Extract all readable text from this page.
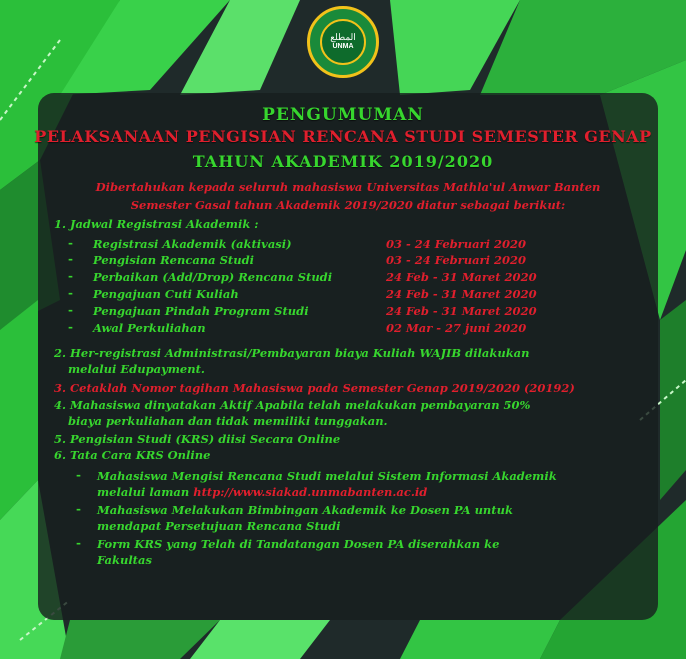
ﺍﻟﻤﻄﻠﻊ
UNMA
PENGUMUMAN
PELAKSANAAN PENGISIAN RENCANA STUDI SEMESTER GENAP
TAHUN AKADEMIK 2019/2020
Dibertahukan kepada seluruh mahasiswa Universitas Mathla'ul Anwar Banten
Semester Gasal tahun Akademik 2019/2020 diatur sebagai berikut:
1. Jadwal Registrasi Akademik :
- Registrasi Akademik (aktivasi)	03 - 24 Februari 2020
- Pengisian Rencana Studi	03 - 24 Februari 2020
- Perbaikan (Add/Drop) Rencana Studi	24 Feb - 31 Maret 2020
- Pengajuan Cuti Kuliah	24 Feb - 31 Maret 2020
- Pengajuan Pindah Program Studi	24 Feb - 31 Maret 2020
- Awal Perkuliahan	02 Mar - 27 juni 2020
2. Her-registrasi Administrasi/Pembayaran biaya Kuliah WAJIB dilakukan
melalui Edupayment.
3. Cetaklah Nomor tagihan Mahasiswa pada Semester Genap 2019/2020 (20192)
4. Mahasiswa dinyatakan Aktif Apabila telah melakukan pembayaran 50%
biaya perkuliahan dan tidak memiliki tunggakan.
5. Pengisian Studi (KRS) diisi Secara Online
6. Tata Cara KRS Online
- Mahasiswa Mengisi Rencana Studi melalui Sistem Informasi Akademik
melalui laman http://www.siakad.unmabanten.ac.id
- Mahasiswa Melakukan Bimbingan Akademik ke Dosen PA untuk
mendapat Persetujuan Rencana Studi
- Form KRS yang Telah di Tandatangan Dosen PA diserahkan ke
Fakultas
